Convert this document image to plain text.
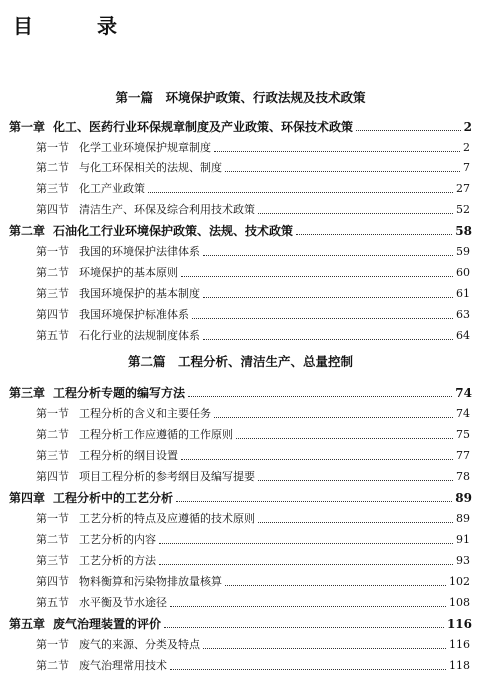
目　录
第一篇　环境保护政策、行政法规及技术政策
第一章 化工、医药行业环保规章制度及产业政策、环保技术政策	2
第一节 化学工业环境保护规章制度	2
第二节 与化工环保相关的法规、制度	7
第三节 化工产业政策	27
第四节 清洁生产、环保及综合利用技术政策	52
第二章 石油化工行业环境保护政策、法规、技术政策	58
第一节 我国的环境保护法律体系	59
第二节 环境保护的基本原则	60
第三节 我国环境保护的基本制度	61
第四节 我国环境保护标准体系	63
第五节 石化行业的法规制度体系	64
第二篇　工程分析、清洁生产、总量控制
第三章 工程分析专题的编写方法	74
第一节 工程分析的含义和主要任务	74
第二节 工程分析工作应遵循的工作原则	75
第三节 工程分析的纲目设置	77
第四节 项目工程分析的参考纲目及编写提要	78
第四章 工程分析中的工艺分析	89
第一节 工艺分析的特点及应遵循的技术原则	89
第二节 工艺分析的内容	91
第三节 工艺分析的方法	93
第四节 物料衡算和污染物排放量核算	102
第五节 水平衡及节水途径	108
第五章 废气治理装置的评价	116
第一节 废气的来源、分类及特点	116
第二节 废气治理常用技术	118
